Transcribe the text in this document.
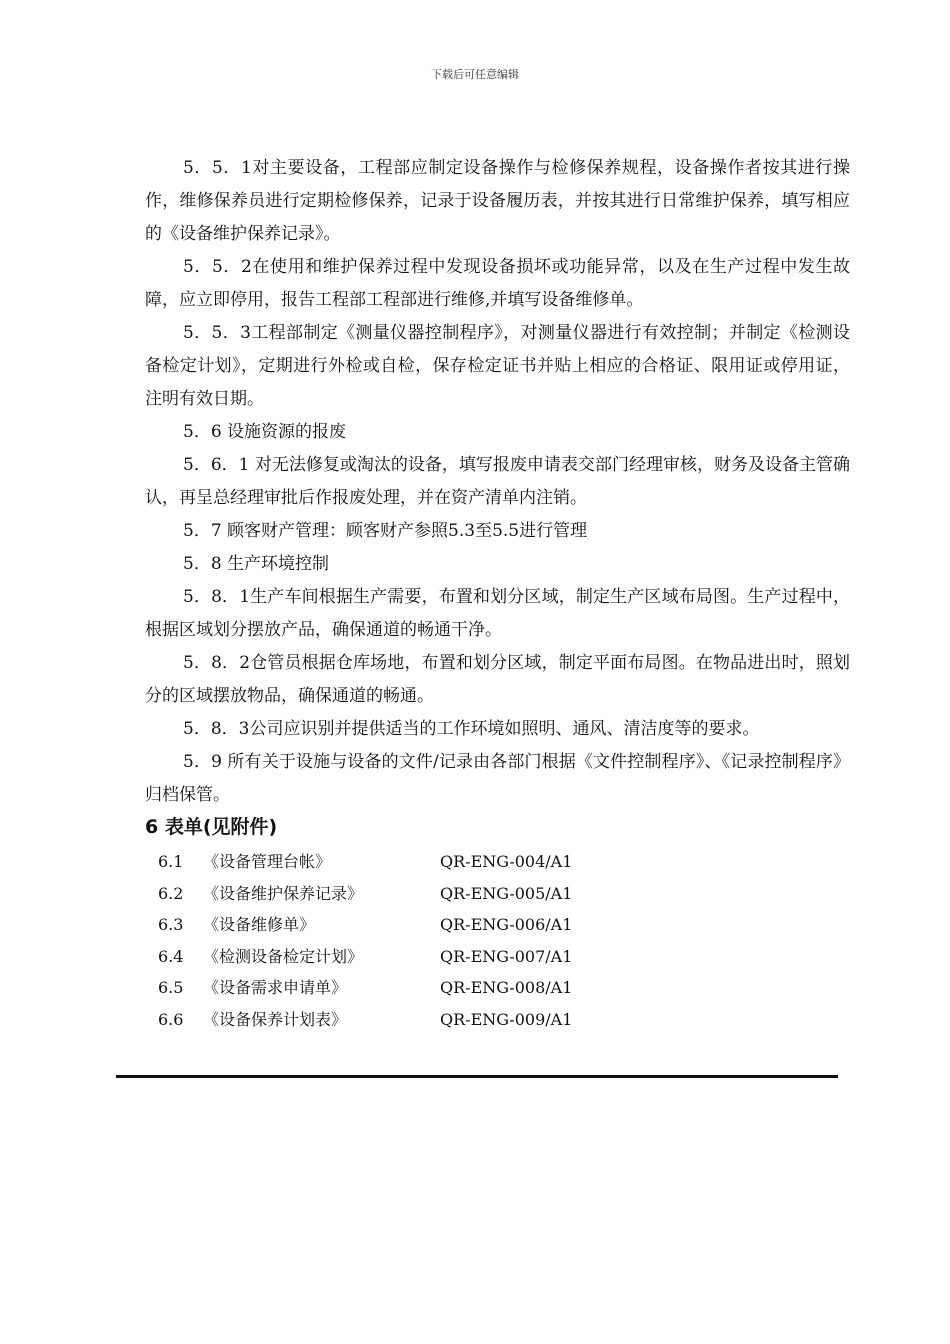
下载后可任意编辑

5．5．1对主要设备，工程部应制定设备操作与检修保养规程，设备操作者按其进行操作，维修保养员进行定期检修保养，记录于设备履历表，并按其进行日常维护保养，填写相应的《设备维护保养记录》。

5．5．2在使用和维护保养过程中发现设备损坏或功能异常，以及在生产过程中发生故障，应立即停用，报告工程部工程部进行维修,并填写设备维修单。

5．5．3工程部制定《测量仪器控制程序》，对测量仪器进行有效控制；并制定《检测设备检定计划》，定期进行外检或自检，保存检定证书并贴上相应的合格证、限用证或停用证，注明有效日期。

5．6 设施资源的报废

5．6．1 对无法修复或淘汰的设备，填写报废申请表交部门经理审核，财务及设备主管确认，再呈总经理审批后作报废处理，并在资产清单内注销。

5．7 顾客财产管理：顾客财产参照5.3至5.5进行管理

5．8 生产环境控制

5．8．1生产车间根据生产需要，布置和划分区域，制定生产区域布局图。生产过程中，根据区域划分摆放产品，确保通道的畅通干净。

5．8．2仓管员根据仓库场地，布置和划分区域，制定平面布局图。在物品进出时，照划分的区域摆放物品，确保通道的畅通。

5．8．3公司应识别并提供适当的工作环境如照明、通风、清洁度等的要求。

5．9 所有关于设施与设备的文件/记录由各部门根据《文件控制程序》、《记录控制程序》归档保管。

6 表单(见附件)
6.1	《设备管理台帐》	QR-ENG-004/A1
6.2	《设备维护保养记录》	QR-ENG-005/A1
6.3	《设备维修单》	QR-ENG-006/A1
6.4	《检测设备检定计划》	QR-ENG-007/A1
6.5	《设备需求申请单》	QR-ENG-008/A1
6.6	《设备保养计划表》	QR-ENG-009/A1
